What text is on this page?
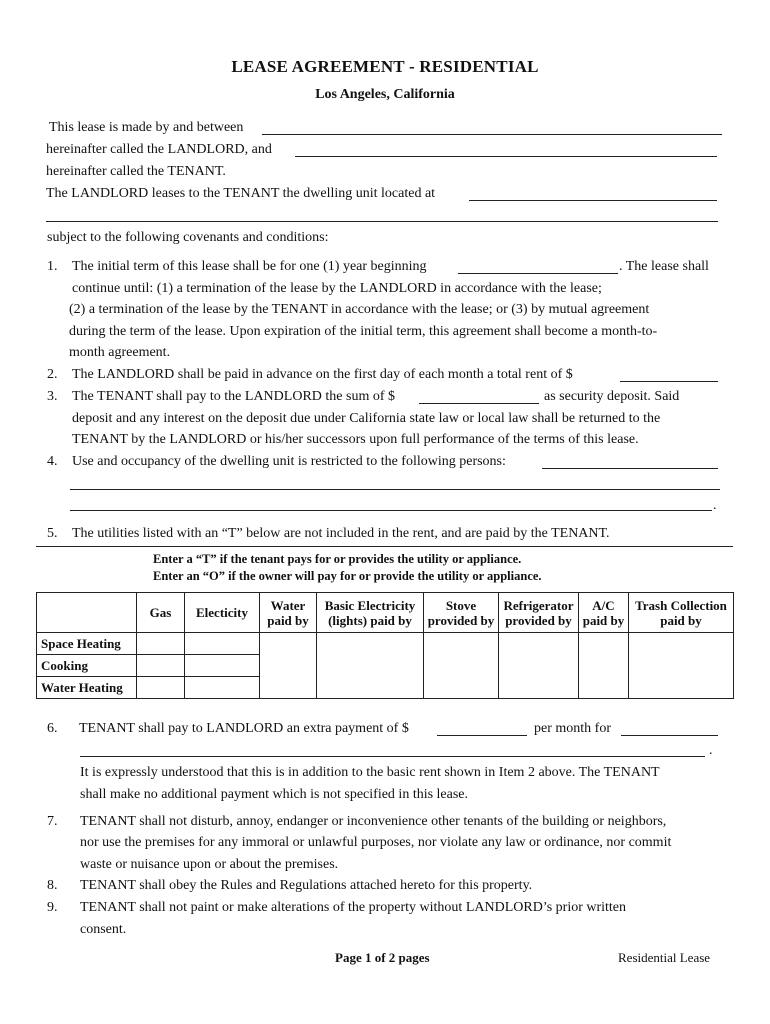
LEASE AGREEMENT - RESIDENTIAL
Los Angeles, California
This lease is made by and between
hereinafter called the LANDLORD, and
hereinafter called the TENANT.
The LANDLORD leases to the TENANT the dwelling unit located at
subject to the following covenants and conditions:
1. The initial term of this lease shall be for one (1) year beginning	. The lease shall
continue until: (1) a termination of the lease by the LANDLORD in accordance with the lease;
(2) a termination of the lease by the TENANT in accordance with the lease; or (3) by mutual agreement
during the term of the lease. Upon expiration of the initial term, this agreement shall become a month-to-
month agreement.
2. The LANDLORD shall be paid in advance on the first day of each month a total rent of $
3. The TENANT shall pay to the LANDLORD the sum of $	as security deposit. Said
deposit and any interest on the deposit due under California state law or local law shall be returned to the
TENANT by the LANDLORD or his/her successors upon full performance of the terms of this lease.
4. Use and occupancy of the dwelling unit is restricted to the following persons:
.
5. The utilities listed with an “T” below are not included in the rent, and are paid by the TENANT.
Enter a “T” if the tenant pays for or provides the utility or appliance.
Enter an “O” if the owner will pay for or provide the utility or appliance.
	Gas	Electicity	Water paid by	Basic Electricity (lights) paid by	Stove provided by	Refrigerator provided by	A/C paid by	Trash Collection paid by
Space Heating								
Cooking								
Water Heating								
6. TENANT shall pay to LANDLORD an extra payment of $	per month for
.
It is expressly understood that this is in addition to the basic rent shown in Item 2 above. The TENANT
shall make no additional payment which is not specified in this lease.
7. TENANT shall not disturb, annoy, endanger or inconvenience other tenants of the building or neighbors,
nor use the premises for any immoral or unlawful purposes, nor violate any law or ordinance, nor commit
waste or nuisance upon or about the premises.
8. TENANT shall obey the Rules and Regulations attached hereto for this property.
9. TENANT shall not paint or make alterations of the property without LANDLORD’s prior written
consent.
Page 1 of 2 pages	Residential Lease
